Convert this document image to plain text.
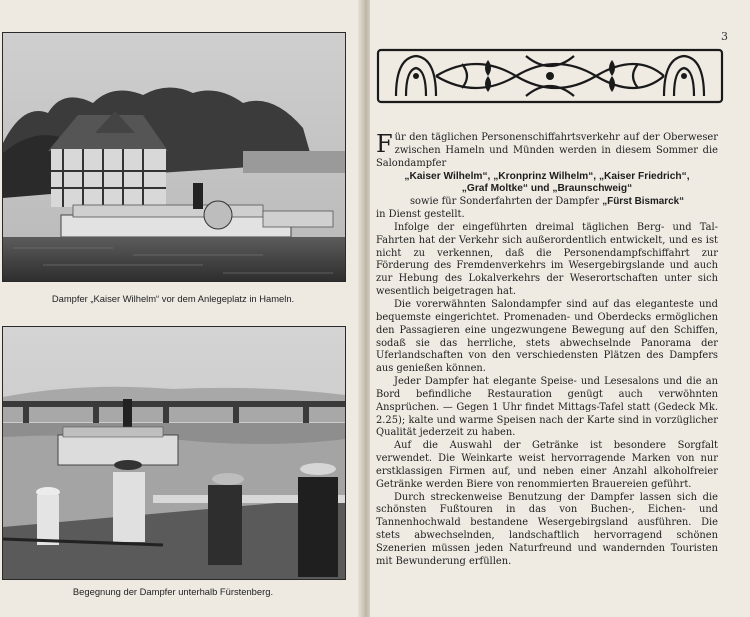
Dampfer „Kaiser Wilhelm“ vor dem Anlegeplatz in Hameln.
Begegnung der Dampfer unterhalb Fürstenberg.
3

Für den täglichen Personenschiffahrtsverkehr auf der Oberweser zwischen Hameln und Münden werden in diesem Sommer die Salondampfer
„Kaiser Wilhelm“, „Kronprinz Wilhelm“, „Kaiser Friedrich“,
„Graf Moltke“ und „Braunschweig“
sowie für Sonderfahrten der Dampfer „Fürst Bismarck“
in Dienst gestellt.

Infolge der eingeführten dreimal täglichen Berg- und Tal-Fahrten hat der Verkehr sich außerordentlich entwickelt, und es ist nicht zu verkennen, daß die Personendampfschiffahrt zur Förderung des Fremdenverkehrs im Wesergebirgslande und auch zur Hebung des Lokalverkehrs der Weserortschaften unter sich wesentlich beigetragen hat.

Die vorerwähnten Salondampfer sind auf das eleganteste und bequemste eingerichtet. Promenaden- und Oberdecks ermöglichen den Passagieren eine ungezwungene Bewegung auf den Schiffen, sodaß sie das herrliche, stets abwechselnde Panorama der Uferlandschaften von den verschiedensten Plätzen des Dampfers aus genießen können.

Jeder Dampfer hat elegante Speise- und Lesesalons und die an Bord befindliche Restauration genügt auch verwöhnten Ansprüchen. — Gegen 1 Uhr findet Mittags-Tafel statt (Gedeck Mk. 2.25); kalte und warme Speisen nach der Karte sind in vorzüglicher Qualität jederzeit zu haben.

Auf die Auswahl der Getränke ist besondere Sorgfalt verwendet. Die Weinkarte weist hervorragende Marken von nur erstklassigen Firmen auf, und neben einer Anzahl alkoholfreier Getränke werden Biere von renommierten Brauereien geführt.

Durch streckenweise Benutzung der Dampfer lassen sich die schönsten Fußtouren in das von Buchen-, Eichen- und Tannenhochwald bestandene Wesergebirgsland ausführen. Die stets abwechselnden, landschaftlich hervorragend schönen Szenerien müssen jeden Naturfreund und wandernden Touristen mit Bewunderung erfüllen.
